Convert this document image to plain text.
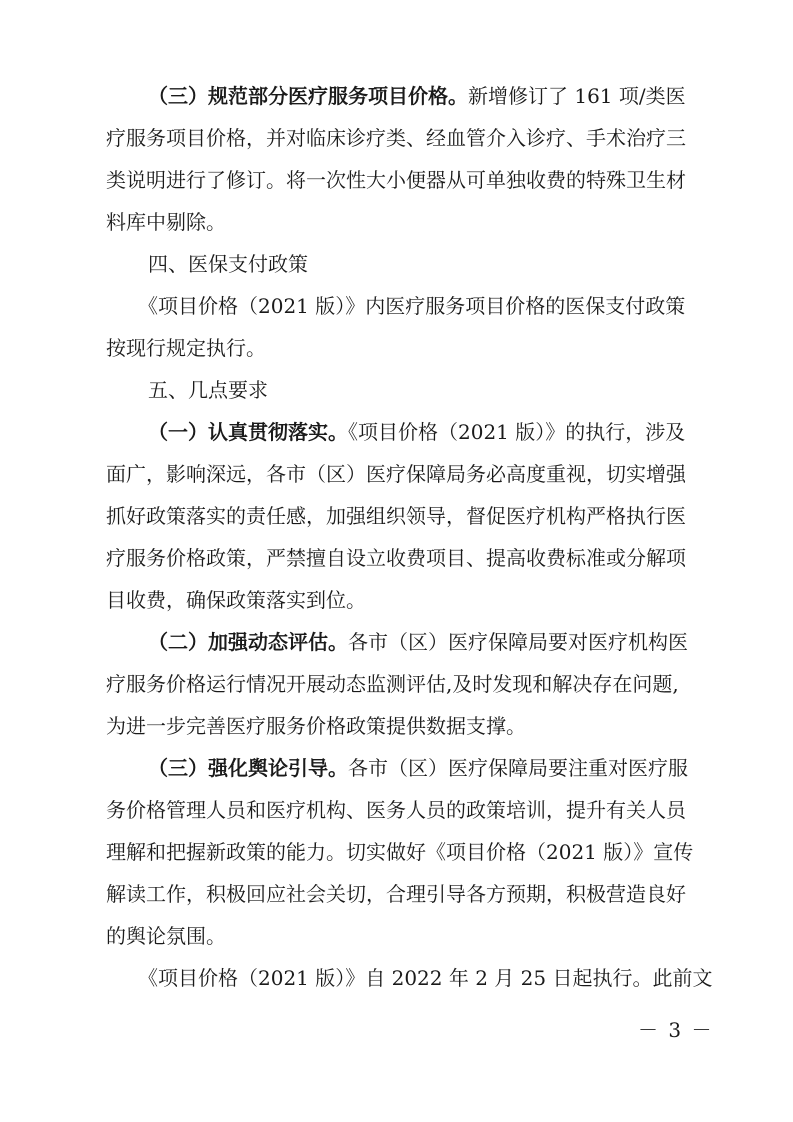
（三）规范部分医疗服务项目价格。新增修订了 161 项/类医
疗服务项目价格，并对临床诊疗类、经血管介入诊疗、手术治疗三
类说明进行了修订。将一次性大小便器从可单独收费的特殊卫生材
料库中剔除。
四、医保支付政策
《项目价格（2021 版）》内医疗服务项目价格的医保支付政策
按现行规定执行。
五、几点要求
（一）认真贯彻落实。《项目价格（2021 版）》的执行，涉及
面广，影响深远，各市（区）医疗保障局务必高度重视，切实增强
抓好政策落实的责任感，加强组织领导，督促医疗机构严格执行医
疗服务价格政策，严禁擅自设立收费项目、提高收费标准或分解项
目收费，确保政策落实到位。
（二）加强动态评估。各市（区）医疗保障局要对医疗机构医
疗服务价格运行情况开展动态监测评估,及时发现和解决存在问题,
为进一步完善医疗服务价格政策提供数据支撑。
（三）强化舆论引导。各市（区）医疗保障局要注重对医疗服
务价格管理人员和医疗机构、医务人员的政策培训，提升有关人员
理解和把握新政策的能力。切实做好《项目价格（2021 版）》宣传
解读工作，积极回应社会关切，合理引导各方预期，积极营造良好
的舆论氛围。
《项目价格（2021 版）》自 2022 年 2 月 25 日起执行。此前文
－ 3 －
